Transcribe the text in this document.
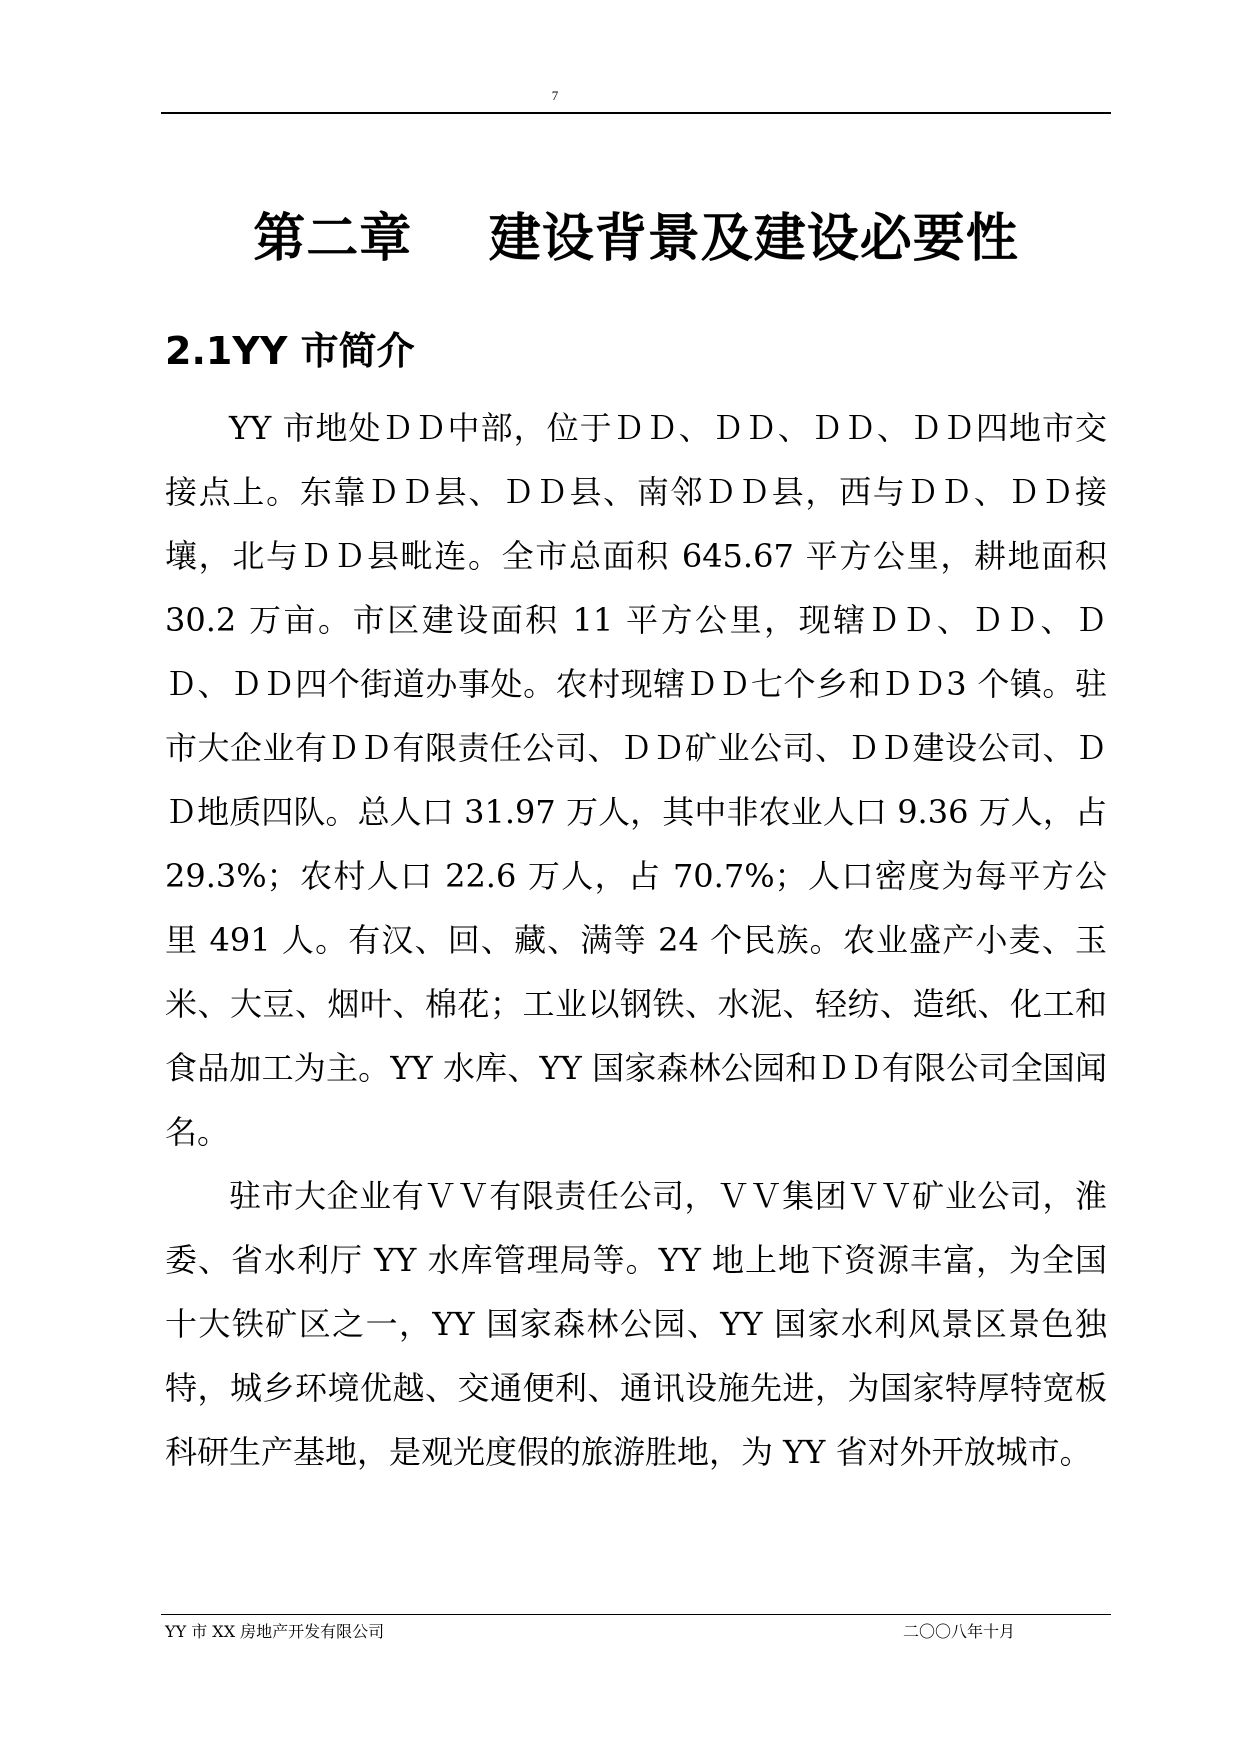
7
第二章    建设背景及建设必要性
2.1YY 市简介

YY 市地处ＤＤ中部，位于ＤＤ、ＤＤ、ＤＤ、ＤＤ四地市交接点上。东靠ＤＤ县、ＤＤ县、南邻ＤＤ县，西与ＤＤ、ＤＤ接壤，北与ＤＤ县毗连。全市总面积 645.67 平方公里，耕地面积 30.2 万亩。市区建设面积 11 平方公里，现辖ＤＤ、ＤＤ、ＤＤ、ＤＤ四个街道办事处。农村现辖ＤＤ七个乡和ＤＤ3 个镇。驻市大企业有ＤＤ有限责任公司、ＤＤ矿业公司、ＤＤ建设公司、ＤＤ地质四队。总人口 31.97 万人，其中非农业人口 9.36 万人，占 29.3%；农村人口 22.6 万人，占 70.7%；人口密度为每平方公里 491 人。有汉、回、藏、满等 24 个民族。农业盛产小麦、玉米、大豆、烟叶、棉花；工业以钢铁、水泥、轻纺、造纸、化工和食品加工为主。YY 水库、YY 国家森林公园和ＤＤ有限公司全国闻名。

驻市大企业有ＶＶ有限责任公司，ＶＶ集团ＶＶ矿业公司，淮委、省水利厅 YY 水库管理局等。YY 地上地下资源丰富，为全国十大铁矿区之一，YY 国家森林公园、YY 国家水利风景区景色独特，城乡环境优越、交通便利、通讯设施先进，为国家特厚特宽板科研生产基地，是观光度假的旅游胜地，为 YY 省对外开放城市。

YY 市 XX 房地产开发有限公司	二〇〇八年十月
